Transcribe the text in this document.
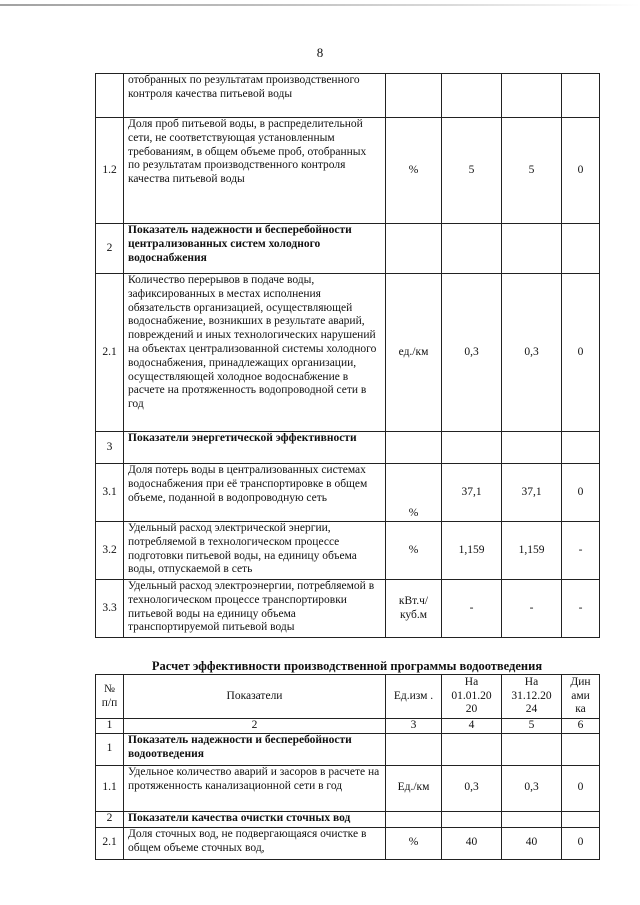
8
	отобранных по результатам производственного контроля качества питьевой воды				
1.2	Доля проб питьевой воды, в распределительной сети, не соответствующая установленным требованиям, в общем объеме проб, отобранных по результатам производственного контроля качества питьевой воды	%	5	5	0
2	Показатель надежности и бесперебойности централизованных систем холодного водоснабжения				
2.1	Количество перерывов в подаче воды, зафиксированных в местах исполнения обязательств организацией, осуществляющей водоснабжение, возникших в результате аварий, повреждений и иных технологических нарушений на объектах централизованной системы холодного водоснабжения, принадлежащих организации, осуществляющей холодное водоснабжение в расчете на протяженность водопроводной сети в год	ед./км	0,3	0,3	0
3	Показатели энергетической эффективности				
3.1	Доля потерь воды в централизованных системах водоснабжения при её транспортировке в общем объеме, поданной в водопроводную сеть	%	37,1	37,1	0
3.2	Удельный расход электрической энергии, потребляемой в технологическом процессе подготовки питьевой воды, на единицу объема воды, отпускаемой в сеть	%	1,159	1,159	-
3.3	Удельный расход электроэнергии, потребляемой в технологическом процессе транспортировки питьевой воды на единицу объема транспортируемой питьевой воды	кВт.ч/ куб.м	-	-	-
Расчет эффективности производственной программы водоотведения
№ п/п	Показатели	Ед.изм .	На 01.01.20 20	На 31.12.20 24	Дин ами ка
1	2	3	4	5	6
1	Показатель надежности и бесперебойности водоотведения				
1.1	Удельное количество аварий и засоров в расчете на протяженность канализационной сети в год	Ед./км	0,3	0,3	0
2	Показатели качества очистки сточных вод				
2.1	Доля сточных вод, не подвергающаяся очистке в общем объеме сточных вод,	%	40	40	0
